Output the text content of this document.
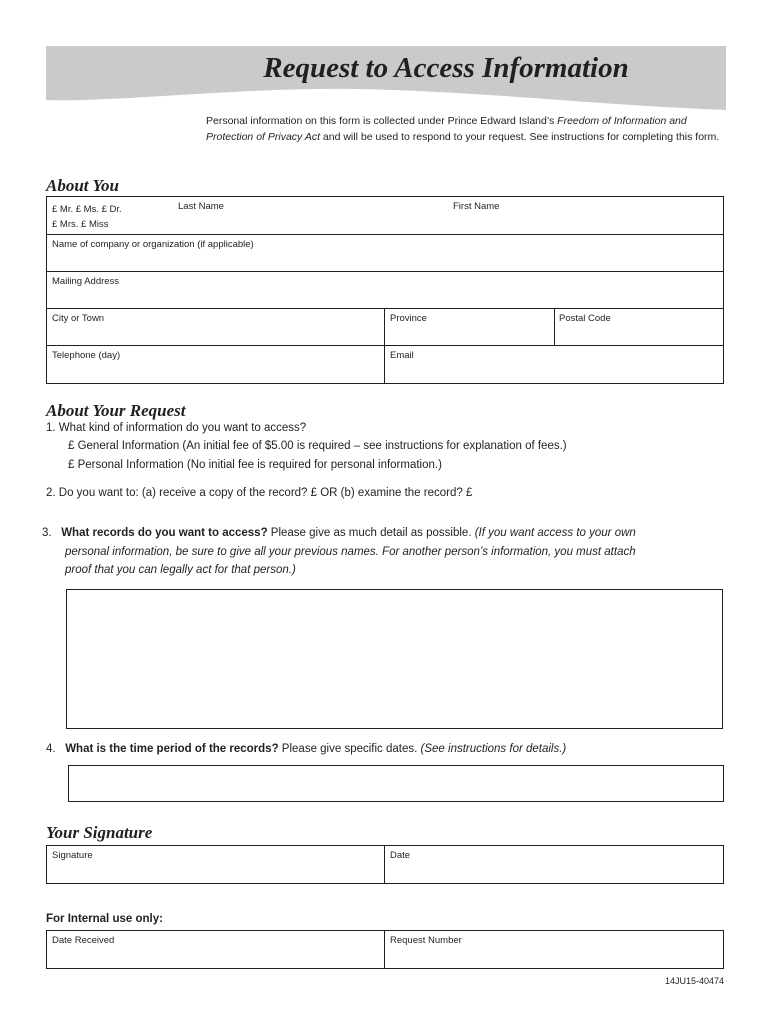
Request to Access Information
Personal information on this form is collected under Prince Edward Island’s Freedom of Information and Protection of Privacy Act and will be used to respond to your request. See instructions for completing this form.
About You
£ Mr. £ Ms. £ Dr.
£ Mrs. £ Miss
Last Name	First Name
Name of company or organization (if applicable)
Mailing Address
City or Town	Province	Postal Code
Telephone (day)	Email
About Your Request
1. What kind of information do you want to access?
£ General Information (An initial fee of $5.00 is required – see instructions for explanation of fees.)
£ Personal Information (No initial fee is required for personal information.)
2. Do you want to: (a) receive a copy of the record? £ OR (b) examine the record? £
3. What records do you want to access? Please give as much detail as possible. (If you want access to your own
personal information, be sure to give all your previous names. For another person’s information, you must attach
proof that you can legally act for that person.)
4. What is the time period of the records? Please give specific dates. (See instructions for details.)
Your Signature
Signature	Date
For Internal use only:
Date Received	Request Number
14JU15-40474
